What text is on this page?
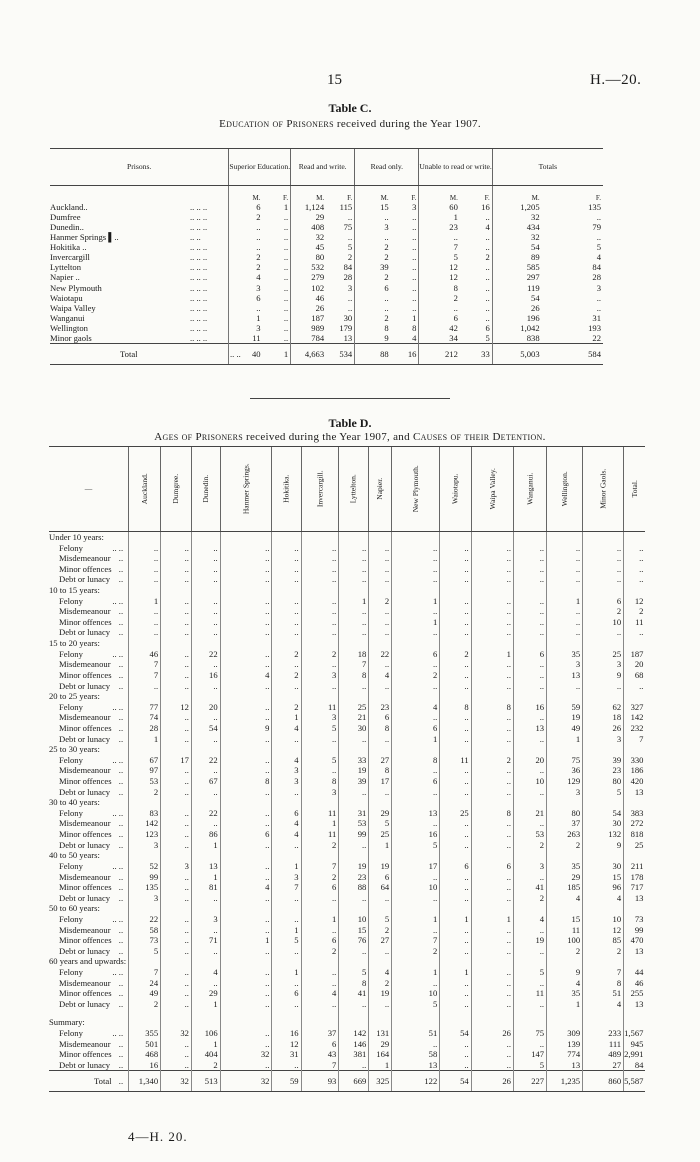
15	H.—20.
Table C.
Education of Prisoners received during the Year 1907.
Prisons.	Superior Education.		Read and write.		Read only.		Unable to read or write.		Totals	
	M.	F.	M.	F.	M.	F.	M.	F.	M.	F.
Auckland.. .. .. ..	6	1	1,124	115	15	3	60	16	1,205	135
Dumfree .. .. ..	2	..	29	..	..	..	1	..	32	..
Dunedin.. .. .. ..	..	..	408	75	3	..	23	4	434	79
Hanmer Springs ▌.. .. ..	..	..	32	..	..	..	..	..	32	..
Hokitika .. .. .. ..	..	..	45	5	2	..	7	..	54	5
Invercargill .. .. ..	2	..	80	2	2	..	5	2	89	4
Lyttelton .. .. ..	2	..	532	84	39	..	12	..	585	84
Napier .. .. .. ..	4	..	279	28	2	..	12	..	297	28
New Plymouth .. .. ..	3	..	102	3	6	..	8	..	119	3
Waiotapu .. .. ..	6	..	46	..	..	..	2	..	54	..
Waipa Valley .. .. ..	..	..	26	..	..	..	..	..	26	..
Wanganui .. .. ..	1	..	187	30	2	1	6	..	196	31
Wellington .. .. ..	3	..	989	179	8	8	42	6	1,042	193
Minor gaols .. .. ..	11	..	784	13	9	4	34	5	838	22
Total .. ..	40	1	4,663	534	88	16	212	33	5,003	584
Table D.
Ages of Prisoners received during the Year 1907, and Causes of their Detention.
—	Auckland.	Dumgree.	Dunedin.	Hanmer Springs.	Hokitika.	Invercargill.	Lyttelton.	Napier.	New Plymouth.	Waiotapu.	Waipa Valley.	Wanganui.	Wellington.	Minor Gaols.	Total.
Under 10 years:															
Felony .. ..	..	..	..	..	..	..	..	..	..	..	..	..	..	..	..
Misdemeanour ..	..	..	..	..	..	..	..	..	..	..	..	..	..	..	..
Minor offences ..	..	..	..	..	..	..	..	..	..	..	..	..	..	..	..
Debt or lunacy ..	..	..	..	..	..	..	..	..	..	..	..	..	..	..	..
10 to 15 years:															
Felony .. ..	1	..	..	..	..	..	1	2	1	..	..	..	1	6	12
Misdemeanour ..	..	..	..	..	..	..	..	..	..	..	..	..	..	2	2
Minor offences ..	..	..	..	..	..	..	..	..	1	..	..	..	..	10	11
Debt or lunacy ..	..	..	..	..	..	..	..	..	..	..	..	..	..	..	..
15 to 20 years:															
Felony .. ..	46	..	22	..	2	2	18	22	6	2	1	6	35	25	187
Misdemeanour ..	7	..	..	..	..	..	7	..	..	..	..	..	3	3	20
Minor offences ..	7	..	16	4	2	3	8	4	2	..	..	..	13	9	68
Debt or lunacy ..	..	..	..	..	..	..	..	..	..	..	..	..	..	..	..
20 to 25 years:															
Felony .. ..	77	12	20	..	2	11	25	23	4	8	8	16	59	62	327
Misdemeanour ..	74	..	..	..	1	3	21	6	..	..	..	..	19	18	142
Minor offences ..	28	..	54	9	4	5	30	8	6	..	..	13	49	26	232
Debt or lunacy ..	1	..	..	..	..	..	..	..	1	..	..	..	1	3	7
25 to 30 years:															
Felony .. ..	67	17	22	..	4	5	33	27	8	11	2	20	75	39	330
Misdemeanour ..	97	..	..	..	3	..	19	8	..	..	..	..	36	23	186
Minor offences ..	53	..	67	8	3	8	39	17	6	..	..	10	129	80	420
Debt or lunacy ..	2	..	..	..	..	3	..	..	..	..	..	..	3	5	13
30 to 40 years:															
Felony .. ..	83	..	22	..	6	11	31	29	13	25	8	21	80	54	383
Misdemeanour ..	142	..	..	..	4	1	53	5	..	..	..	..	37	30	272
Minor offences ..	123	..	86	6	4	11	99	25	16	..	..	53	263	132	818
Debt or lunacy ..	3	..	1	..	..	2	..	1	5	..	..	2	2	9	25
40 to 50 years:															
Felony .. ..	52	3	13	..	1	7	19	19	17	6	6	3	35	30	211
Misdemeanour ..	99	..	1	..	3	2	23	6	..	..	..	..	29	15	178
Minor offences ..	135	..	81	4	7	6	88	64	10	..	..	41	185	96	717
Debt or lunacy ..	3	..	..	..	..	..	..	..	..	..	..	2	4	4	13
50 to 60 years:															
Felony .. ..	22	..	3	..	..	1	10	5	1	1	1	4	15	10	73
Misdemeanour ..	58	..	..	..	1	..	15	2	..	..	..	..	11	12	99
Minor offences ..	73	..	71	1	5	6	76	27	7	..	..	19	100	85	470
Debt or lunacy ..	5	..	..	..	..	2	..	..	2	..	..	..	2	2	13
60 years and upwards:															
Felony .. ..	7	..	4	..	1	..	5	4	1	1	..	5	9	7	44
Misdemeanour ..	24	..	..	..	..	..	8	2	..	..	..	..	4	8	46
Minor offences ..	49	..	29	..	6	4	41	19	10	..	..	11	35	51	255
Debt or lunacy ..	2	..	1	..	..	..	..	..	5	..	..	..	1	4	13

Summary:															
Felony .. ..	355	32	106	..	16	37	142	131	51	54	26	75	309	233	1,567
Misdemeanour ..	501	..	1	..	12	6	146	29	..	..	..	..	139	111	945
Minor offences ..	468	..	404	32	31	43	381	164	58	..	..	147	774	489	2,991
Debt or lunacy ..	16	..	2	..	..	7	..	1	13	..	..	5	13	27	84
Total ..	1,340	32	513	32	59	93	669	325	122	54	26	227	1,235	860	5,587
4—H. 20.
